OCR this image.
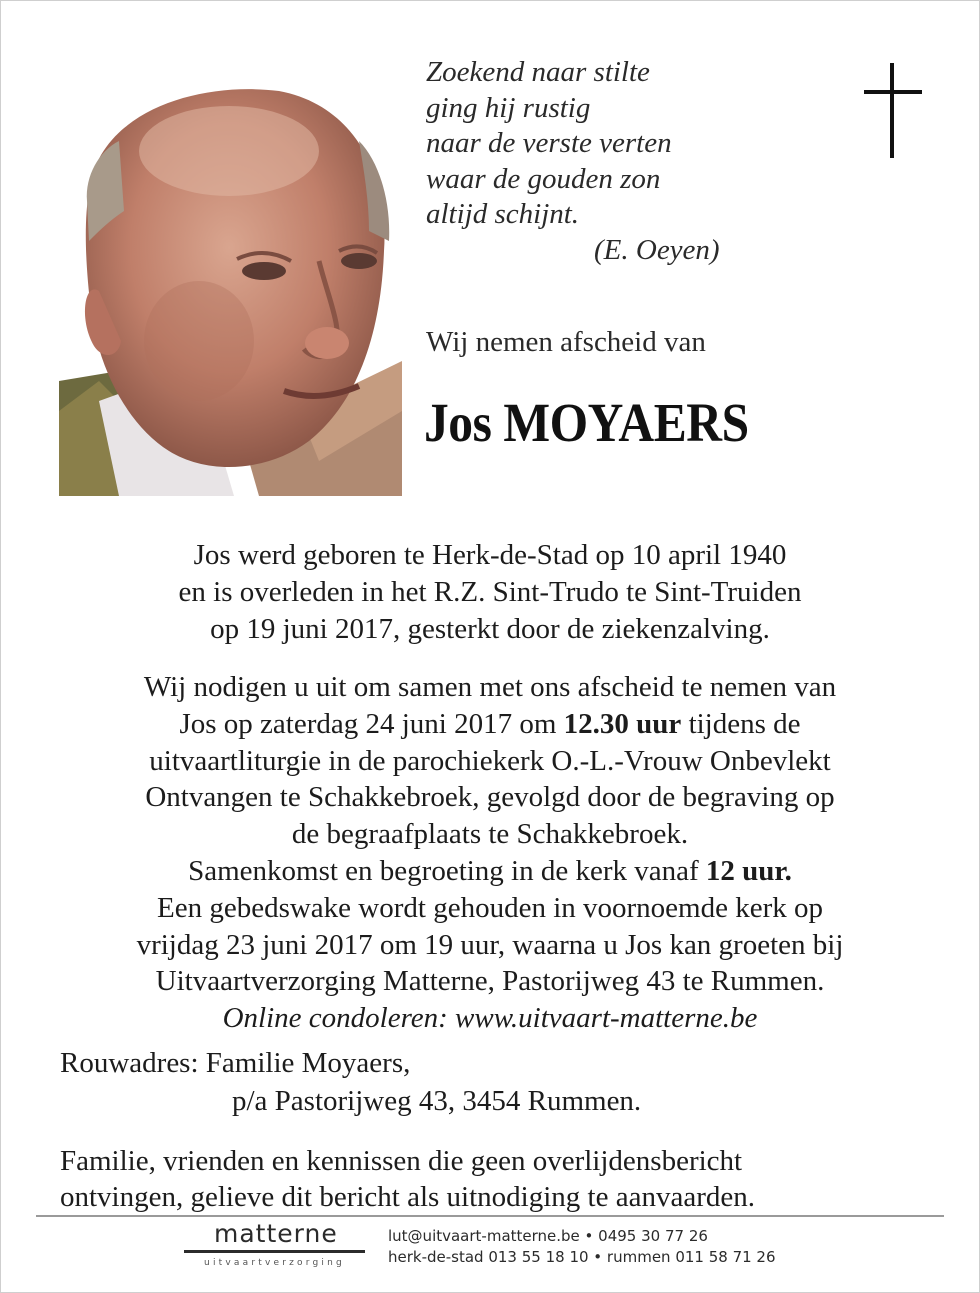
Zoekend naar stilte
ging hij rustig
naar de verste verten
waar de gouden zon
altijd schijnt.
(E. Oeyen)
Wij nemen afscheid van
Jos MOYAERS
Jos werd geboren te Herk-de-Stad op 10 april 1940
en is overleden in het R.Z. Sint-Trudo te Sint-Truiden
op 19 juni 2017, gesterkt door de ziekenzalving.
Wij nodigen u uit om samen met ons afscheid te nemen van
Jos op zaterdag 24 juni 2017 om 12.30 uur tijdens de
uitvaartliturgie in de parochiekerk O.-L.-Vrouw Onbevlekt
Ontvangen te Schakkebroek, gevolgd door de begraving op
de begraafplaats te Schakkebroek.
Samenkomst en begroeting in de kerk vanaf 12 uur.
Een gebedswake wordt gehouden in voornoemde kerk op
vrijdag 23 juni 2017 om 19 uur, waarna u Jos kan groeten bij
Uitvaartverzorging Matterne, Pastorijweg 43 te Rummen.
Online condoleren: www.uitvaart-matterne.be
Rouwadres: Familie Moyaers,
p/a Pastorijweg 43, 3454 Rummen.
Familie, vrienden en kennissen die geen overlijdensbericht
ontvingen, gelieve dit bericht als uitnodiging te aanvaarden.
matterne
uitvaartverzorging
lut@uitvaart-matterne.be • 0495 30 77 26
herk-de-stad 013 55 18 10 • rummen 011 58 71 26
